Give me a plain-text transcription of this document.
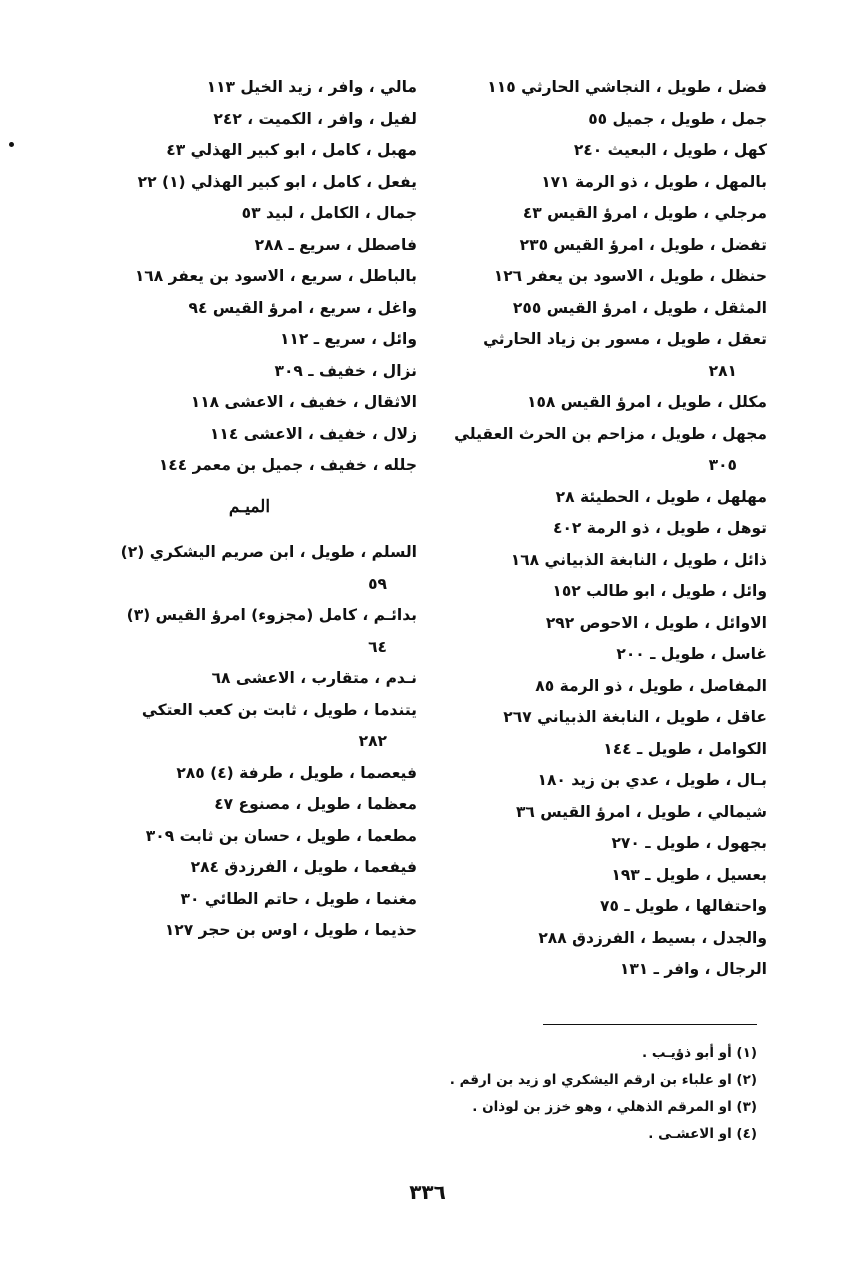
فضل ، طويل ، النجاشي الحارثي ١١٥
جمل ، طويل ، جميل ٥٥
كهل ، طويل ، البعيث ٢٤٠
بالمهل ، طويل ، ذو الرمة ١٧١
مرجلي ، طويل ، امرؤ القيس ٤٣
تفضل ، طويل ، امرؤ القيس ٢٣٥
حنظل ، طويل ، الاسود بن يعفر ١٢٦
المثقل ، طويل ، امرؤ القيس ٢٥٥
تعقل ، طويل ، مسور بن زياد الحارثي
٢٨١
مكلل ، طويل ، امرؤ القيس ١٥٨
مجهل ، طويل ، مزاحم بن الحرث العقيلي
٣٠٥
مهلهل ، طويل ، الحطيئة ٢٨
توهل ، طويل ، ذو الرمة ٤٠٢
ذائل ، طويل ، النابغة الذبياني ١٦٨
وائل ، طويل ، ابو طالب ١٥٢
الاوائل ، طويل ، الاحوص ٢٩٢
غاسل ، طويل ـ ٢٠٠
المفاصل ، طويل ، ذو الرمة ٨٥
عاقل ، طويل ، النابغة الذبياني ٢٦٧
الكوامل ، طويل ـ ١٤٤
بـال ، طويل ، عدي بن زيد ١٨٠
شيمالي ، طويل ، امرؤ القيس ٣٦
بجهول ، طويل ـ ٢٧٠
بعسيل ، طويل ـ ١٩٣
واحتفالها ، طويل ـ ٧٥
والجدل ، بسيط ، الفرزدق ٢٨٨
الرجال ، وافر ـ ١٣١
مالي ، وافر ، زيد الخيل ١١٣
لفيل ، وافر ، الكميت ، ٢٤٢
مهبل ، كامل ، ابو كبير الهذلي ٤٣
يفعل ، كامل ، ابو كبير الهذلي (١) ٢٢
جمال ، الكامل ، لبيد ٥٣
فاصطل ، سريع ـ ٢٨٨
بالباطل ، سريع ، الاسود بن يعفر ١٦٨
واغل ، سريع ، امرؤ القيس ٩٤
وائل ، سريع ـ ١١٢
نزال ، خفيف ـ ٣٠٩
الاثقال ، خفيف ، الاعشى ١١٨
زلال ، خفيف ، الاعشى ١١٤
جلله ، خفيف ، جميل بن معمر ١٤٤
الميـم
السلم ، طويل ، ابن صريم اليشكري (٢)
٥٩
بدائـم ، كامل (مجزوء) امرؤ القيس (٣)
٦٤
نـدم ، متقارب ، الاعشى ٦٨
يتندما ، طويل ، ثابت بن كعب العتكي
٢٨٢
فيعصما ، طويل ، طرفة (٤) ٢٨٥
معظما ، طويل ، مصنوع ٤٧
مطعما ، طويل ، حسان بن ثابت ٣٠٩
فيفعما ، طويل ، الفرزدق ٢٨٤
مغنما ، طويل ، حاتم الطائي ٣٠
حذيما ، طويل ، اوس بن حجر ١٢٧
(١) أو أبو ذؤيـب .
(٢) او علباء بن ارقم اليشكري او زيد بن ارقم .
(٣) او المرقم الذهلي ، وهو خزز بن لوذان .
(٤) او الاعشـى .
٣٣٦
